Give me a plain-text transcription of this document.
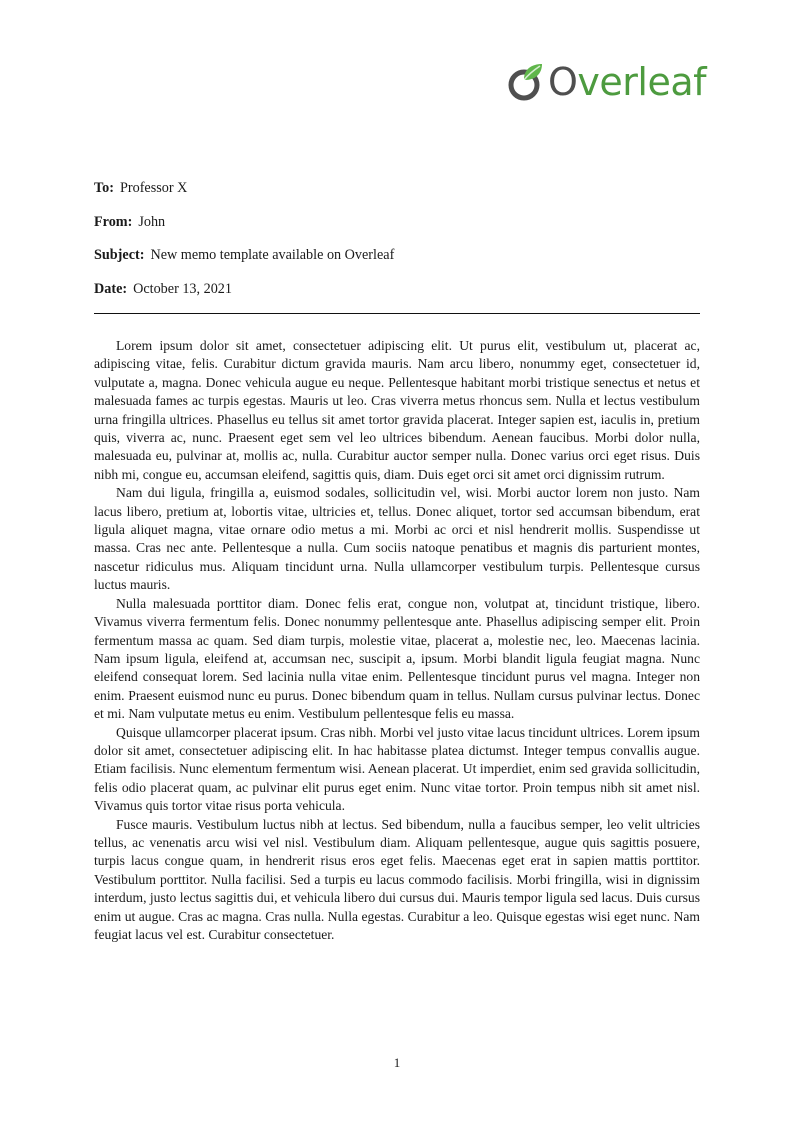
Overleaf
To: Professor X
From: John
Subject: New memo template available on Overleaf
Date: October 13, 2021

Lorem ipsum dolor sit amet, consectetuer adipiscing elit. Ut purus elit, vestibulum ut, placerat ac, adipiscing vitae, felis. Curabitur dictum gravida mauris. Nam arcu libero, nonummy eget, consectetuer id, vulputate a, magna. Donec vehicula augue eu neque. Pellentesque habitant morbi tristique senectus et netus et malesuada fames ac turpis egestas. Mauris ut leo. Cras viverra metus rhoncus sem. Nulla et lectus vestibulum urna fringilla ultrices. Phasellus eu tellus sit amet tortor gravida placerat. Integer sapien est, iaculis in, pretium quis, viverra ac, nunc. Praesent eget sem vel leo ultrices bibendum. Aenean faucibus. Morbi dolor nulla, malesuada eu, pulvinar at, mollis ac, nulla. Curabitur auctor semper nulla. Donec varius orci eget risus. Duis nibh mi, congue eu, accumsan eleifend, sagittis quis, diam. Duis eget orci sit amet orci dignissim rutrum.

Nam dui ligula, fringilla a, euismod sodales, sollicitudin vel, wisi. Morbi auctor lorem non justo. Nam lacus libero, pretium at, lobortis vitae, ultricies et, tellus. Donec aliquet, tortor sed accumsan bibendum, erat ligula aliquet magna, vitae ornare odio metus a mi. Morbi ac orci et nisl hendrerit mollis. Suspendisse ut massa. Cras nec ante. Pellentesque a nulla. Cum sociis natoque penatibus et magnis dis parturient montes, nascetur ridiculus mus. Aliquam tincidunt urna. Nulla ullamcorper vestibulum turpis. Pellentesque cursus luctus mauris.

Nulla malesuada porttitor diam. Donec felis erat, congue non, volutpat at, tincidunt tristique, libero. Vivamus viverra fermentum felis. Donec nonummy pellentesque ante. Phasellus adipiscing semper elit. Proin fermentum massa ac quam. Sed diam turpis, molestie vitae, placerat a, molestie nec, leo. Maecenas lacinia. Nam ipsum ligula, eleifend at, accumsan nec, suscipit a, ipsum. Morbi blandit ligula feugiat magna. Nunc eleifend consequat lorem. Sed lacinia nulla vitae enim. Pellentesque tincidunt purus vel magna. Integer non enim. Praesent euismod nunc eu purus. Donec bibendum quam in tellus. Nullam cursus pulvinar lectus. Donec et mi. Nam vulputate metus eu enim. Vestibulum pellentesque felis eu massa.

Quisque ullamcorper placerat ipsum. Cras nibh. Morbi vel justo vitae lacus tincidunt ultrices. Lorem ipsum dolor sit amet, consectetuer adipiscing elit. In hac habitasse platea dictumst. Integer tempus convallis augue. Etiam facilisis. Nunc elementum fermentum wisi. Aenean placerat. Ut imperdiet, enim sed gravida sollicitudin, felis odio placerat quam, ac pulvinar elit purus eget enim. Nunc vitae tortor. Proin tempus nibh sit amet nisl. Vivamus quis tortor vitae risus porta vehicula.

Fusce mauris. Vestibulum luctus nibh at lectus. Sed bibendum, nulla a faucibus semper, leo velit ultricies tellus, ac venenatis arcu wisi vel nisl. Vestibulum diam. Aliquam pellentesque, augue quis sagittis posuere, turpis lacus congue quam, in hendrerit risus eros eget felis. Maecenas eget erat in sapien mattis porttitor. Vestibulum porttitor. Nulla facilisi. Sed a turpis eu lacus commodo facilisis. Morbi fringilla, wisi in dignissim interdum, justo lectus sagittis dui, et vehicula libero dui cursus dui. Mauris tempor ligula sed lacus. Duis cursus enim ut augue. Cras ac magna. Cras nulla. Nulla egestas. Curabitur a leo. Quisque egestas wisi eget nunc. Nam feugiat lacus vel est. Curabitur consectetuer.

1
